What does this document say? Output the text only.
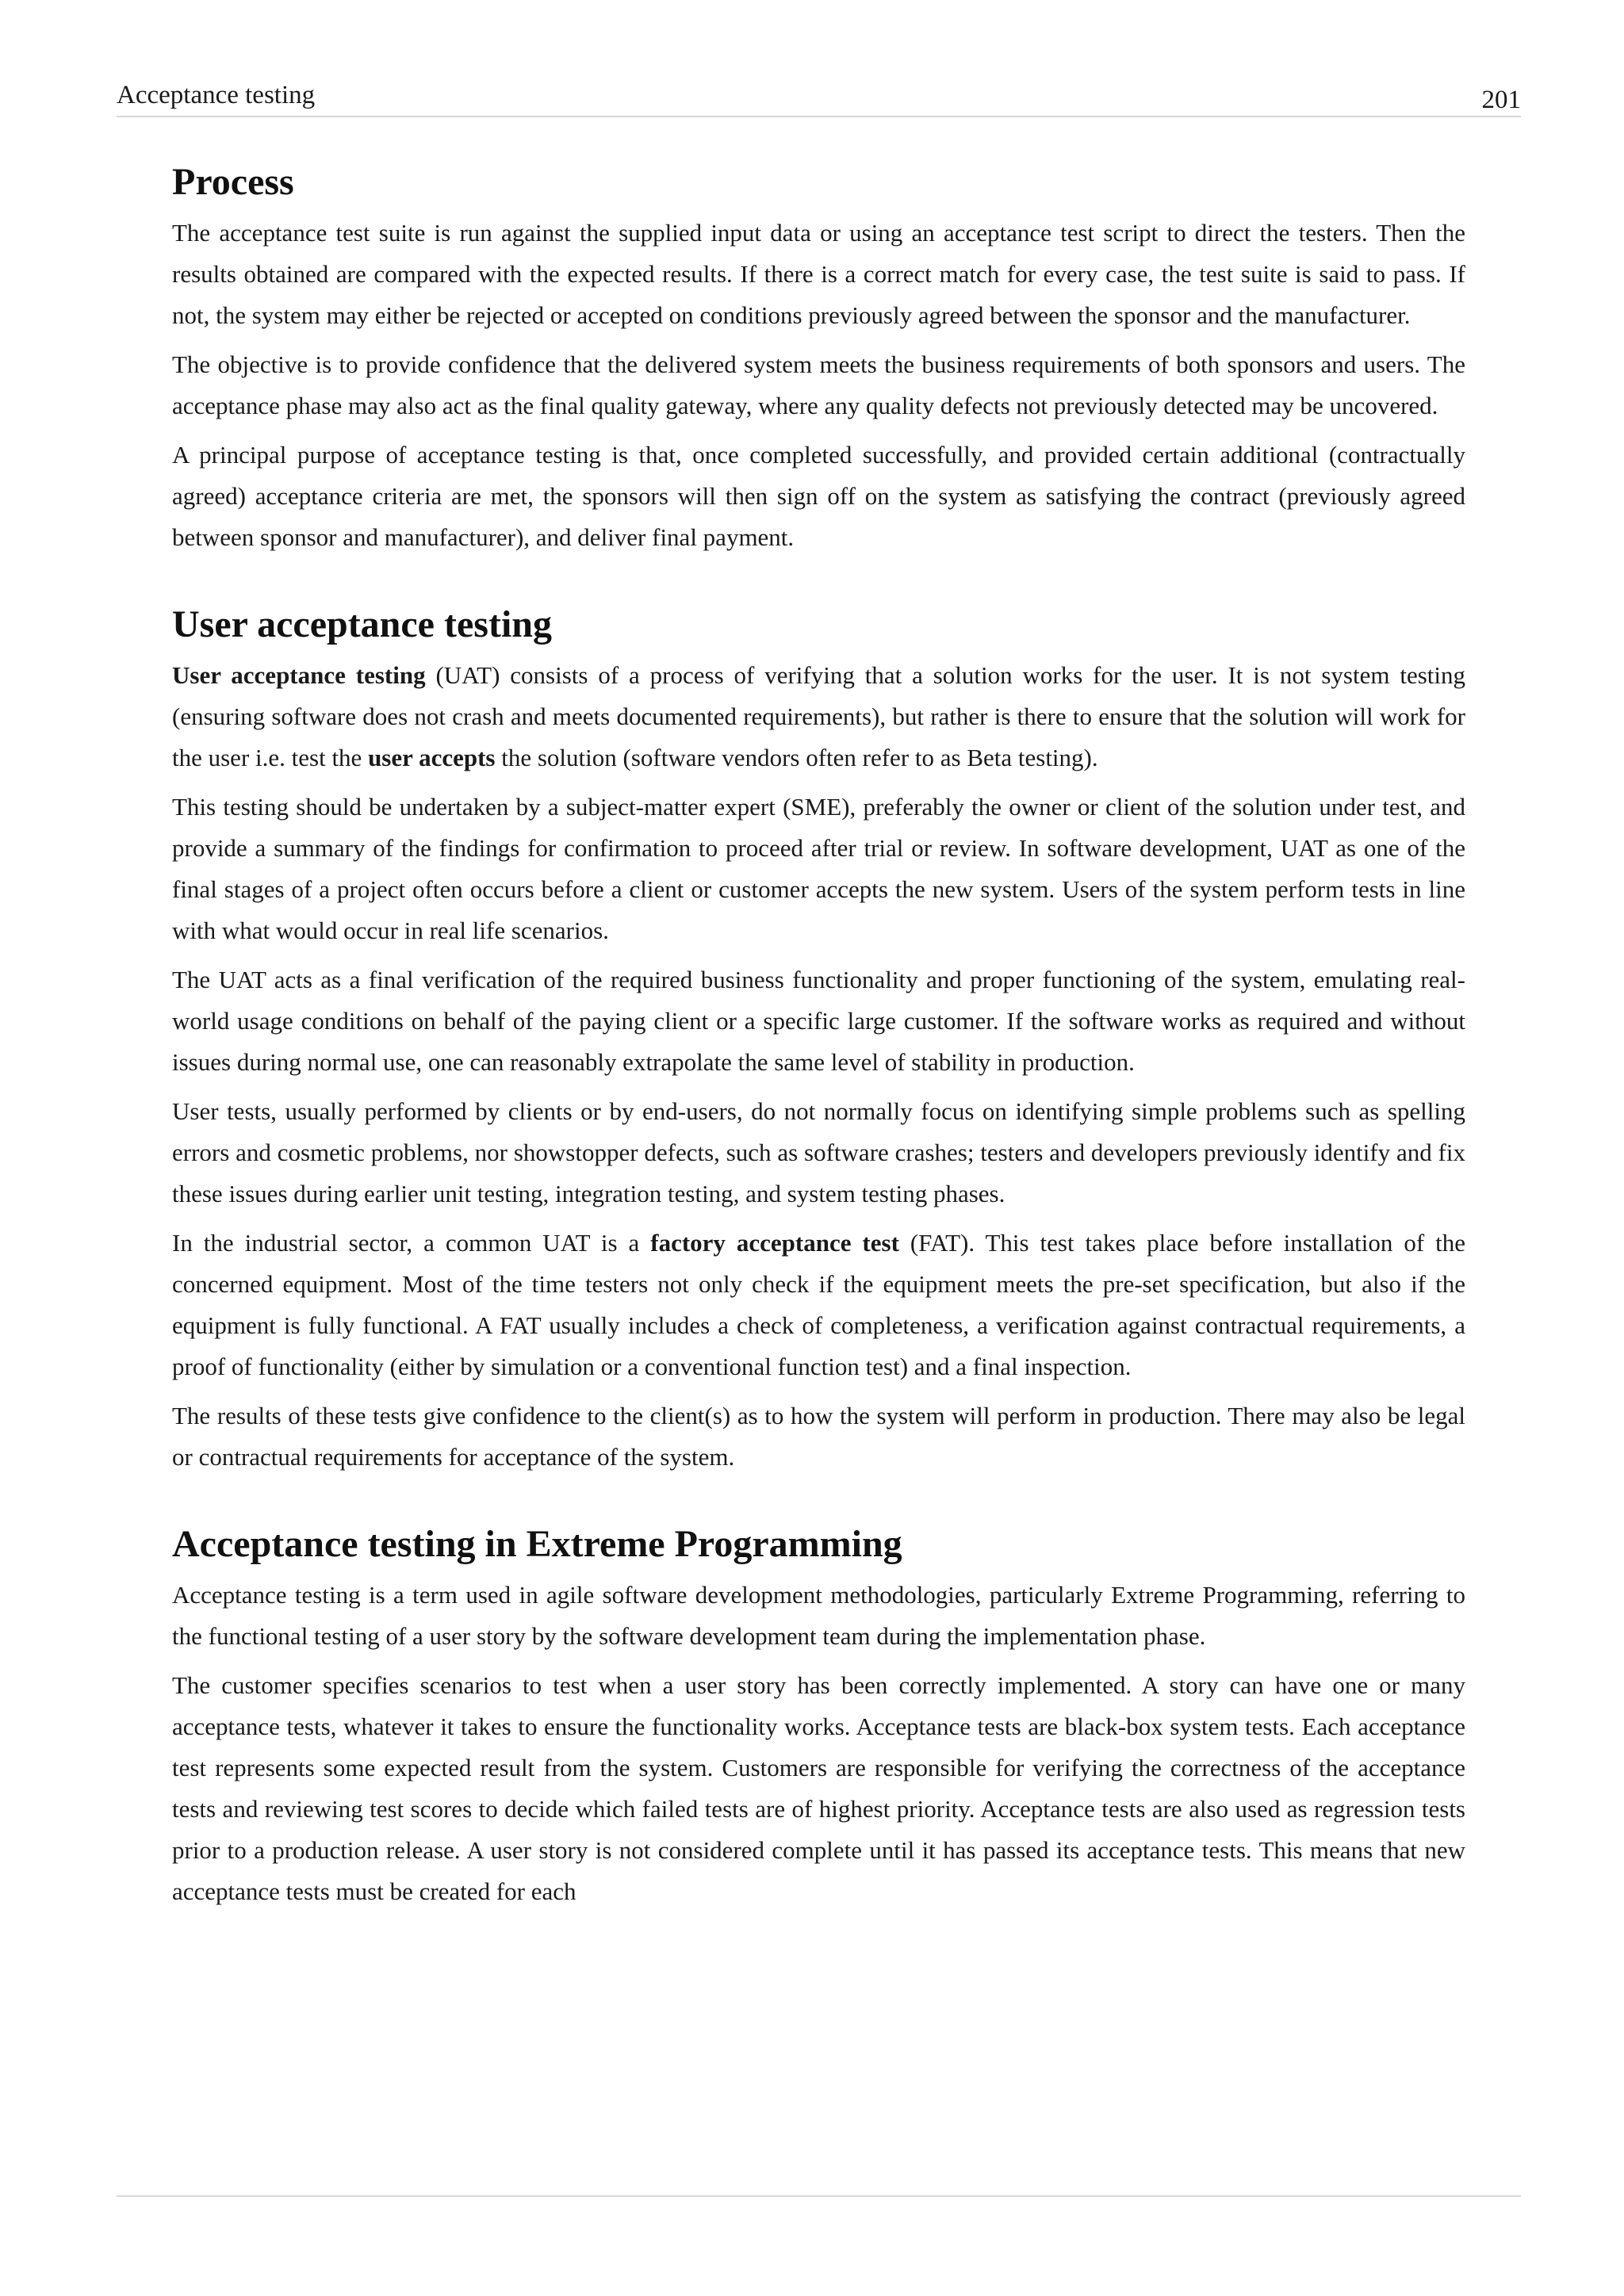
Acceptance testing	201
Process

The acceptance test suite is run against the supplied input data or using an acceptance test script to direct the testers. Then the results obtained are compared with the expected results. If there is a correct match for every case, the test suite is said to pass. If not, the system may either be rejected or accepted on conditions previously agreed between the sponsor and the manufacturer.

The objective is to provide confidence that the delivered system meets the business requirements of both sponsors and users. The acceptance phase may also act as the final quality gateway, where any quality defects not previously detected may be uncovered.

A principal purpose of acceptance testing is that, once completed successfully, and provided certain additional (contractually agreed) acceptance criteria are met, the sponsors will then sign off on the system as satisfying the contract (previously agreed between sponsor and manufacturer), and deliver final payment.

User acceptance testing

User acceptance testing (UAT) consists of a process of verifying that a solution works for the user. It is not system testing (ensuring software does not crash and meets documented requirements), but rather is there to ensure that the solution will work for the user i.e. test the user accepts the solution (software vendors often refer to as Beta testing).

This testing should be undertaken by a subject-matter expert (SME), preferably the owner or client of the solution under test, and provide a summary of the findings for confirmation to proceed after trial or review. In software development, UAT as one of the final stages of a project often occurs before a client or customer accepts the new system. Users of the system perform tests in line with what would occur in real life scenarios.

The UAT acts as a final verification of the required business functionality and proper functioning of the system, emulating real-world usage conditions on behalf of the paying client or a specific large customer. If the software works as required and without issues during normal use, one can reasonably extrapolate the same level of stability in production.

User tests, usually performed by clients or by end-users, do not normally focus on identifying simple problems such as spelling errors and cosmetic problems, nor showstopper defects, such as software crashes; testers and developers previously identify and fix these issues during earlier unit testing, integration testing, and system testing phases.

In the industrial sector, a common UAT is a factory acceptance test (FAT). This test takes place before installation of the concerned equipment. Most of the time testers not only check if the equipment meets the pre-set specification, but also if the equipment is fully functional. A FAT usually includes a check of completeness, a verification against contractual requirements, a proof of functionality (either by simulation or a conventional function test) and a final inspection.

The results of these tests give confidence to the client(s) as to how the system will perform in production. There may also be legal or contractual requirements for acceptance of the system.

Acceptance testing in Extreme Programming

Acceptance testing is a term used in agile software development methodologies, particularly Extreme Programming, referring to the functional testing of a user story by the software development team during the implementation phase.

The customer specifies scenarios to test when a user story has been correctly implemented. A story can have one or many acceptance tests, whatever it takes to ensure the functionality works. Acceptance tests are black-box system tests. Each acceptance test represents some expected result from the system. Customers are responsible for verifying the correctness of the acceptance tests and reviewing test scores to decide which failed tests are of highest priority. Acceptance tests are also used as regression tests prior to a production release. A user story is not considered complete until it has passed its acceptance tests. This means that new acceptance tests must be created for each
